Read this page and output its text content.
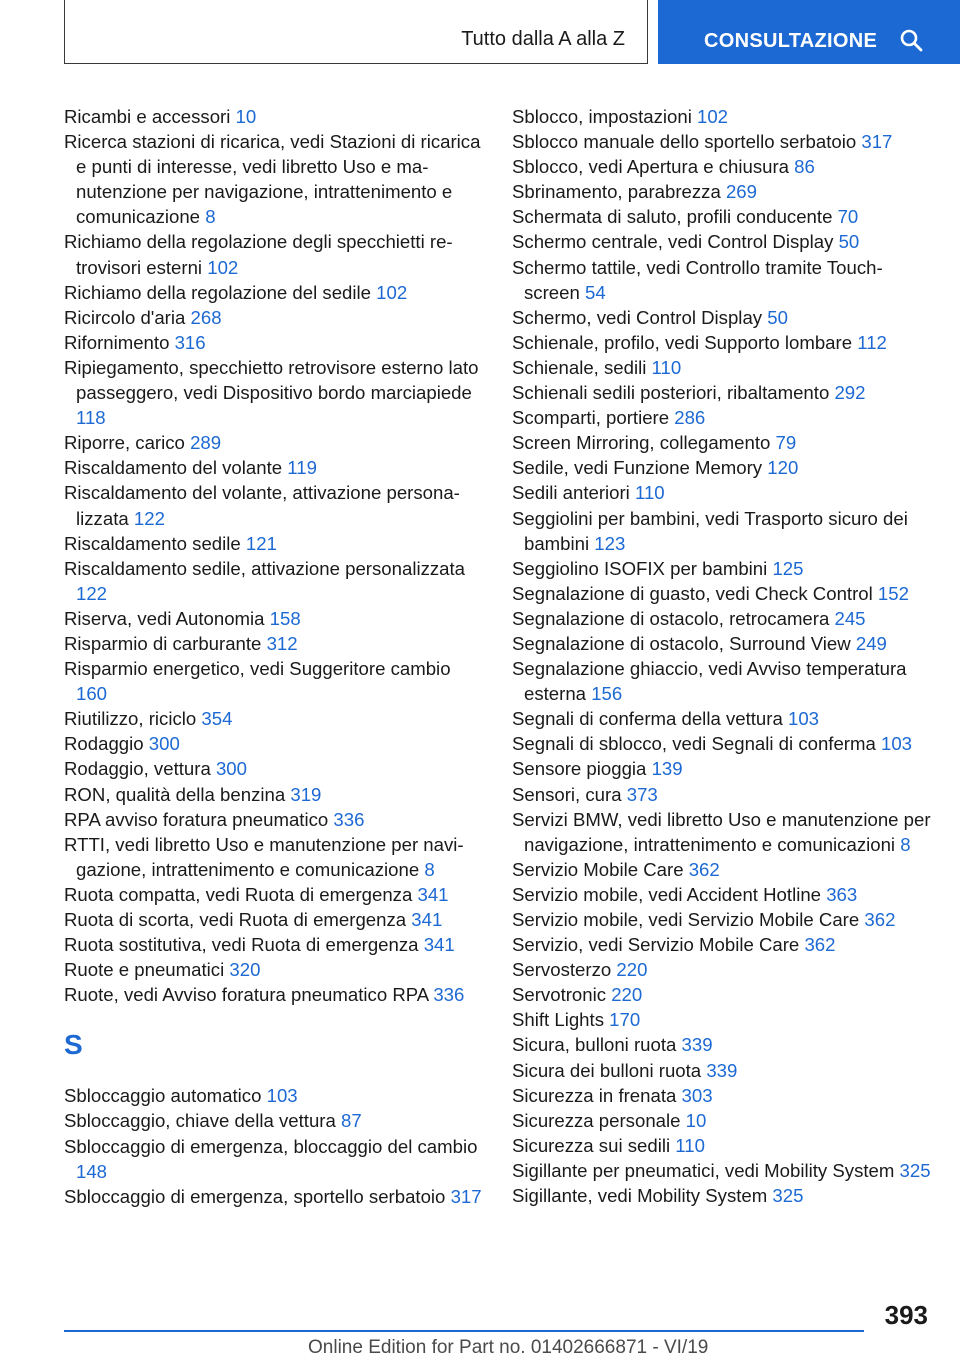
Tutto dalla A alla Z	CONSULTAZIONE
Ricambi e accessori 10
Ricerca stazioni di ricarica, vedi Stazioni di ricarica e punti di interesse, vedi libretto Uso e manutenzione per navigazione, intrattenimento e comunicazione 8
Richiamo della regolazione degli specchietti retrovisori esterni 102
Richiamo della regolazione del sedile 102
Ricircolo d'aria 268
Rifornimento 316
Ripiegamento, specchietto retrovisore esterno lato passeggero, vedi Dispositivo bordo marciapiede 118
Riporre, carico 289
Riscaldamento del volante 119
Riscaldamento del volante, attivazione personalizzata 122
Riscaldamento sedile 121
Riscaldamento sedile, attivazione personalizzata 122
Riserva, vedi Autonomia 158
Risparmio di carburante 312
Risparmio energetico, vedi Suggeritore cambio 160
Riutilizzo, riciclo 354
Rodaggio 300
Rodaggio, vettura 300
RON, qualità della benzina 319
RPA avviso foratura pneumatico 336
RTTI, vedi libretto Uso e manutenzione per navigazione, intrattenimento e comunicazione 8
Ruota compatta, vedi Ruota di emergenza 341
Ruota di scorta, vedi Ruota di emergenza 341
Ruota sostitutiva, vedi Ruota di emergenza 341
Ruote e pneumatici 320
Ruote, vedi Avviso foratura pneumatico RPA 336
S
Sbloccaggio automatico 103
Sbloccaggio, chiave della vettura 87
Sbloccaggio di emergenza, bloccaggio del cambio 148
Sbloccaggio di emergenza, sportello serbatoio 317
Sblocco, impostazioni 102
Sblocco manuale dello sportello serbatoio 317
Sblocco, vedi Apertura e chiusura 86
Sbrinamento, parabrezza 269
Schermata di saluto, profili conducente 70
Schermo centrale, vedi Control Display 50
Schermo tattile, vedi Controllo tramite Touchscreen 54
Schermo, vedi Control Display 50
Schienale, profilo, vedi Supporto lombare 112
Schienale, sedili 110
Schienali sedili posteriori, ribaltamento 292
Scomparti, portiere 286
Screen Mirroring, collegamento 79
Sedile, vedi Funzione Memory 120
Sedili anteriori 110
Seggiolini per bambini, vedi Trasporto sicuro dei bambini 123
Seggiolino ISOFIX per bambini 125
Segnalazione di guasto, vedi Check Control 152
Segnalazione di ostacolo, retrocamera 245
Segnalazione di ostacolo, Surround View 249
Segnalazione ghiaccio, vedi Avviso temperatura esterna 156
Segnali di conferma della vettura 103
Segnali di sblocco, vedi Segnali di conferma 103
Sensore pioggia 139
Sensori, cura 373
Servizi BMW, vedi libretto Uso e manutenzione per navigazione, intrattenimento e comunicazioni 8
Servizio Mobile Care 362
Servizio mobile, vedi Accident Hotline 363
Servizio mobile, vedi Servizio Mobile Care 362
Servizio, vedi Servizio Mobile Care 362
Servosterzo 220
Servotronic 220
Shift Lights 170
Sicura, bulloni ruota 339
Sicura dei bulloni ruota 339
Sicurezza in frenata 303
Sicurezza personale 10
Sicurezza sui sedili 110
Sigillante per pneumatici, vedi Mobility System 325
Sigillante, vedi Mobility System 325
393
Online Edition for Part no. 01402666871 - VI/19
